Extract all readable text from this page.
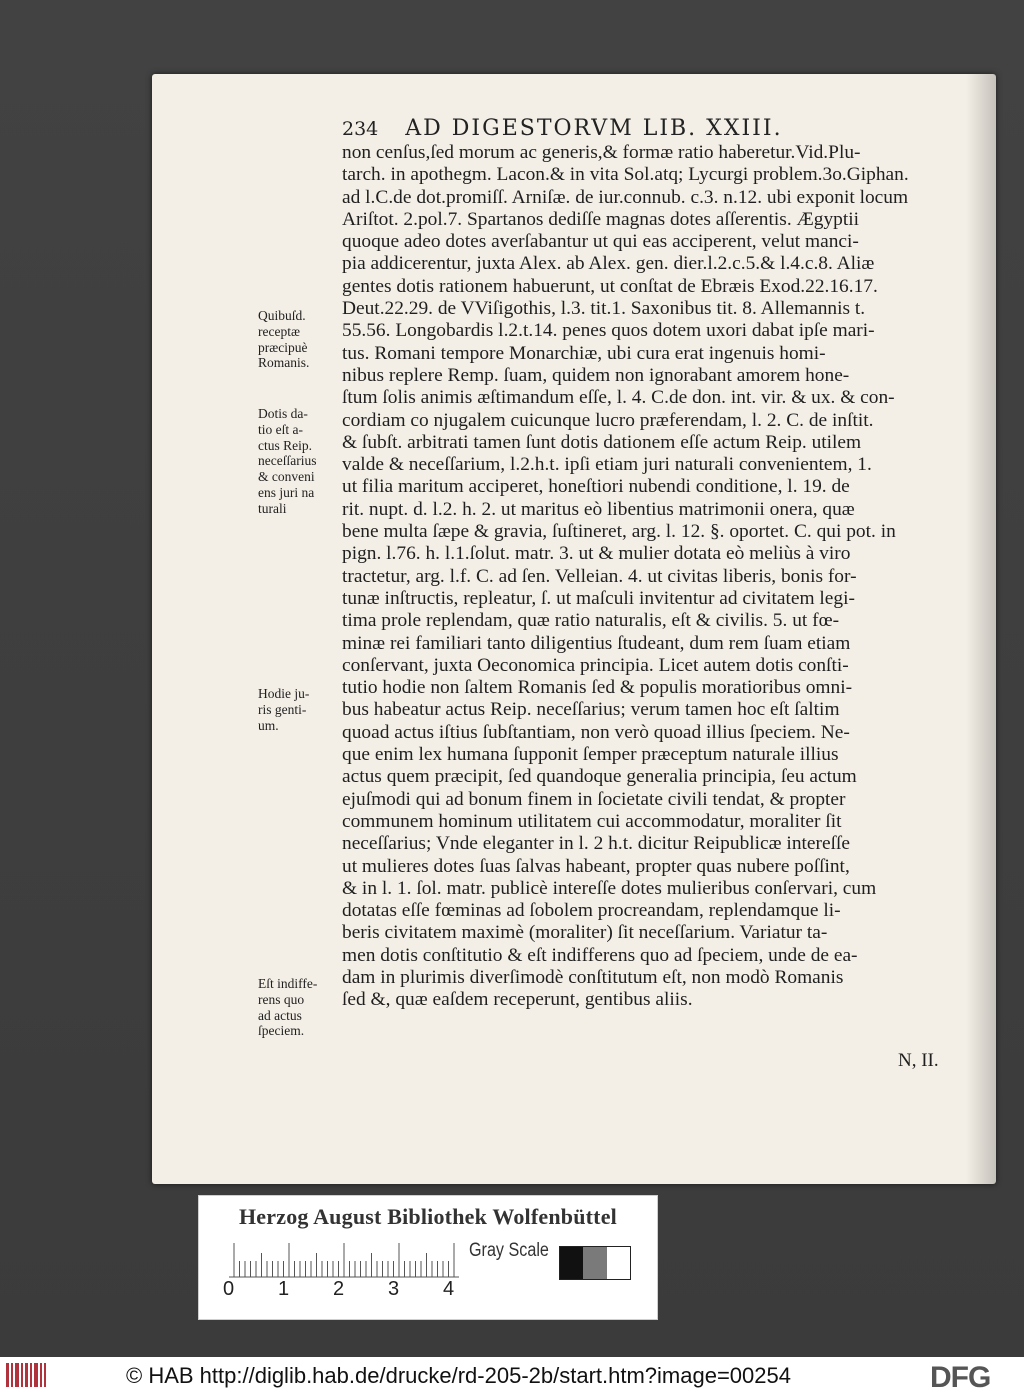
234 AD DIGESTORVM LIB. XXIII.
non cenſus,ſed morum ac generis,& formæ ratio haberetur.Vid.Plu-
tarch. in apothegm. Lacon.& in vita Sol.atq; Lycurgi problem.3o.Giphan.
ad l.C.de dot.promiſſ. Arniſæ. de iur.connub. c.3. n.12. ubi exponit locum
Ariſtot. 2.pol.7. Spartanos dediſſe magnas dotes aſſerentis. Ægyptii
quoque adeo dotes averſabantur ut qui eas acciperent, velut manci-
pia addicerentur, juxta Alex. ab Alex. gen. dier.l.2.c.5.& l.4.c.8. Aliæ
gentes dotis rationem habuerunt, ut conſtat de Ebræis Exod.22.16.17.
Deut.22.29. de VViſigothis, l.3. tit.1. Saxonibus tit. 8. Allemannis t.
55.56. Longobardis l.2.t.14. penes quos dotem uxori dabat ipſe mari-
tus. Romani tempore Monarchiæ, ubi cura erat ingenuis homi-
nibus replere Remp. ſuam, quidem non ignorabant amorem hone-
ſtum ſolis animis æſtimandum eſſe, l. 4. C.de don. int. vir. & ux. & con-
cordiam co njugalem cuicunque lucro præferendam, l. 2. C. de inſtit.
& ſubſt. arbitrati tamen ſunt dotis dationem eſſe actum Reip. utilem
valde & neceſſarium, l.2.h.t. ipſi etiam juri naturali convenientem, 1.
ut filia maritum acciperet, honeſtiori nubendi conditione, l. 19. de
rit. nupt. d. l.2. h. 2. ut maritus eò libentius matrimonii onera, quæ
bene multa ſæpe & gravia, ſuſtineret, arg. l. 12. §. oportet. C. qui pot. in
pign. l.76. h. l.1.ſolut. matr. 3. ut & mulier dotata eò meliùs à viro
tractetur, arg. l.f. C. ad ſen. Velleian. 4. ut civitas liberis, bonis for-
tunæ inſtructis, repleatur, ſ. ut maſculi invitentur ad civitatem legi-
tima prole replendam, quæ ratio naturalis, eſt & civilis. 5. ut fœ-
minæ rei familiari tanto diligentius ſtudeant, dum rem ſuam etiam
conſervant, juxta Oeconomica principia. Licet autem dotis conſti-
tutio hodie non ſaltem Romanis ſed & populis moratioribus omni-
bus habeatur actus Reip. neceſſarius; verum tamen hoc eſt ſaltim
quoad actus iſtius ſubſtantiam, non verò quoad illius ſpeciem. Ne-
que enim lex humana ſupponit ſemper præceptum naturale illius
actus quem præcipit, ſed quandoque generalia principia, ſeu actum
ejuſmodi qui ad bonum finem in ſocietate civili tendat, & propter
communem hominum utilitatem cui accommodatur, moraliter ſit
neceſſarius; Vnde eleganter in l. 2 h.t. dicitur Reipublicæ intereſſe
ut mulieres dotes ſuas ſalvas habeant, propter quas nubere poſſint,
& in l. 1. ſol. matr. publicè intereſſe dotes mulieribus conſervari, cum
dotatas eſſe fœminas ad ſobolem procreandam, replendamque li-
beris civitatem maximè (moraliter) ſit neceſſarium. Variatur ta-
men dotis conſtitutio & eſt indifferens quo ad ſpeciem, unde de ea-
dam in plurimis diverſimodè conſtitutum eſt, non modò Romanis
ſed &, quæ eaſdem receperunt, gentibus aliis.
Quibuſd.
receptæ
præcipuè
Romanis.
Dotis da-
tio eſt a-
ctus Reip.
neceſſarius
& conveni
ens juri na
turali
Hodie ju-
ris genti-
um.
Eſt indiffe-
rens quo
ad actus
ſpeciem.
N, II.
Herzog August Bibliothek Wolfenbüttel
0 1 2 3 4
Gray Scale
© HAB http://diglib.hab.de/drucke/rd-205-2b/start.htm?image=00254	DFG
